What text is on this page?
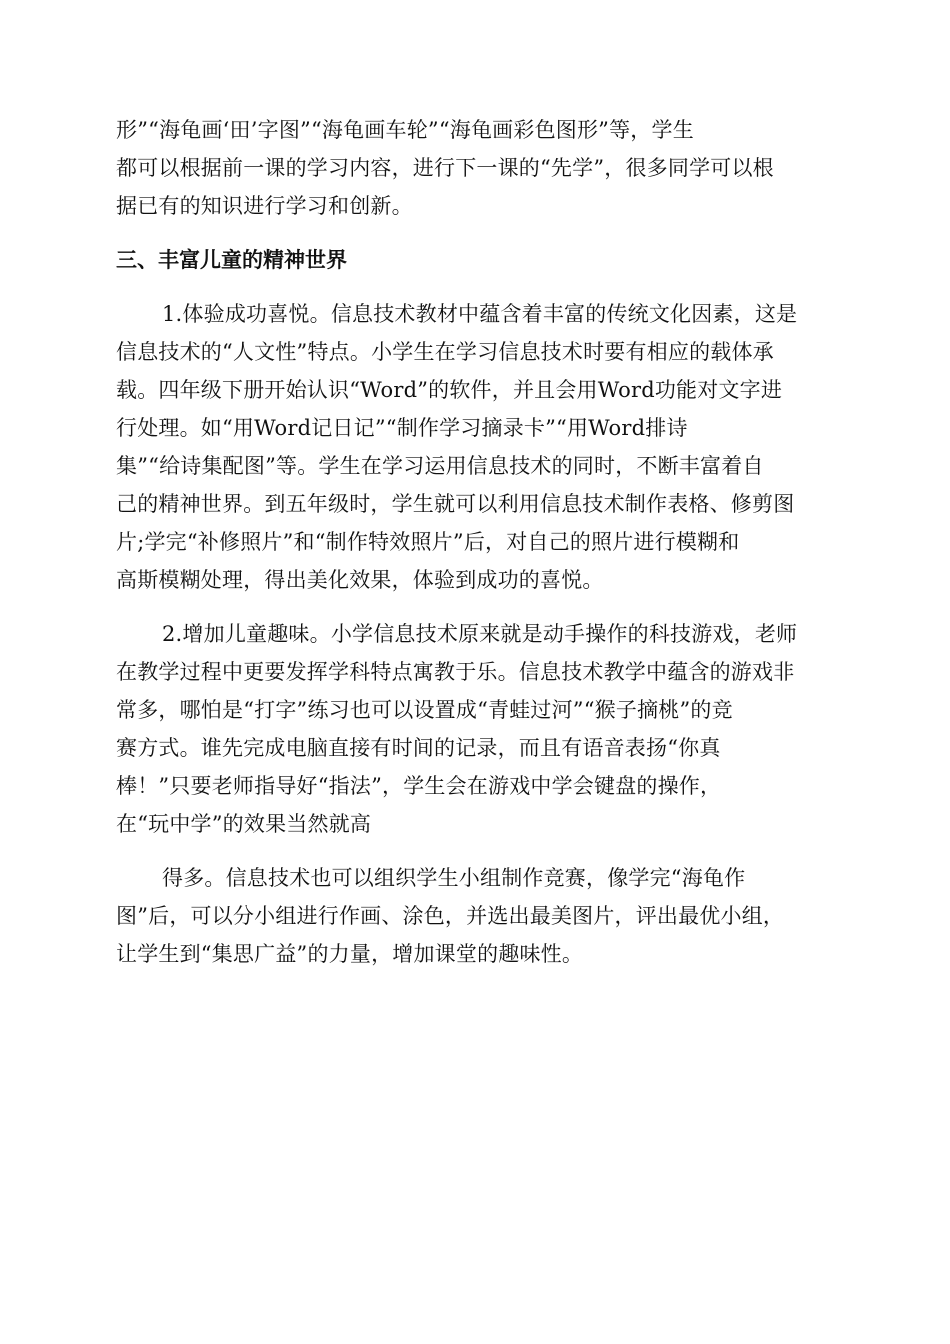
形”“海龟画‘田’字图”“海龟画车轮”“海龟画彩色图形”等，学生
都可以根据前一课的学习内容，进行下一课的“先学”，很多同学可以根
据已有的知识进行学习和创新。
三、丰富儿童的精神世界
1.体验成功喜悦。信息技术教材中蕴含着丰富的传统文化因素，这是
信息技术的“人文性”特点。小学生在学习信息技术时要有相应的载体承
载。四年级下册开始认识“Word”的软件，并且会用Word功能对文字进
行处理。如“用Word记日记”“制作学习摘录卡”“用Word排诗
集”“给诗集配图”等。学生在学习运用信息技术的同时，不断丰富着自
己的精神世界。到五年级时，学生就可以利用信息技术制作表格、修剪图
片;学完“补修照片”和“制作特效照片”后，对自己的照片进行模糊和
高斯模糊处理，得出美化效果，体验到成功的喜悦。
2.增加儿童趣味。小学信息技术原来就是动手操作的科技游戏，老师
在教学过程中更要发挥学科特点寓教于乐。信息技术教学中蕴含的游戏非
常多，哪怕是“打字”练习也可以设置成“青蛙过河”“猴子摘桃”的竞
赛方式。谁先完成电脑直接有时间的记录，而且有语音表扬“你真
棒！”只要老师指导好“指法”，学生会在游戏中学会键盘的操作，
在“玩中学”的效果当然就高
得多。信息技术也可以组织学生小组制作竞赛，像学完“海龟作
图”后，可以分小组进行作画、涂色，并选出最美图片，评出最优小组，
让学生到“集思广益”的力量，增加课堂的趣味性。
